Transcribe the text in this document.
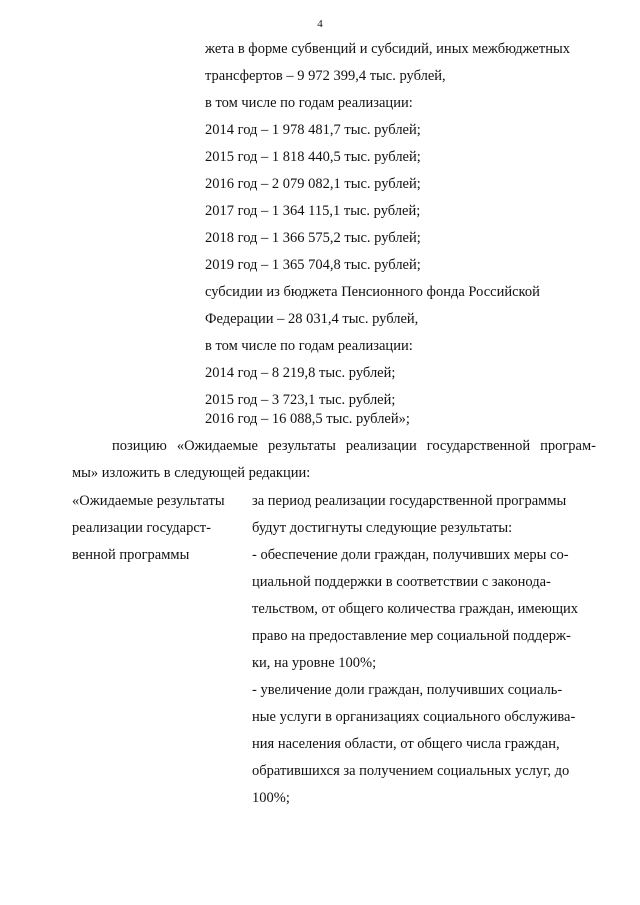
4
жета в форме субвенций и субсидий, иных межбюджетных
трансфертов – 9 972 399,4 тыс. рублей,
в том числе по годам реализации:
2014 год – 1 978 481,7 тыс. рублей;
2015 год – 1 818 440,5 тыс. рублей;
2016 год – 2 079 082,1 тыс. рублей;
2017 год – 1 364 115,1 тыс. рублей;
2018 год – 1 366 575,2 тыс. рублей;
2019 год – 1 365 704,8 тыс. рублей;
субсидии из бюджета Пенсионного фонда Российской
Федерации – 28 031,4 тыс. рублей,
в том числе по годам реализации:
2014 год – 8 219,8 тыс. рублей;
2015 год – 3 723,1 тыс. рублей;
2016 год – 16 088,5 тыс. рублей»;
позицию «Ожидаемые результаты реализации государственной програм-
мы» изложить в следующей редакции:
«Ожидаемые результаты
реализации государст-
венной программы
за период реализации государственной программы
будут достигнуты следующие результаты:
- обеспечение доли граждан, получивших меры со-
циальной поддержки в соответствии с законода-
тельством, от общего количества граждан, имеющих
право на предоставление мер социальной поддерж-
ки, на уровне 100%;
- увеличение доли граждан, получивших социаль-
ные услуги в организациях социального обслужива-
ния населения области, от общего числа граждан,
обратившихся за получением социальных услуг, до
100%;
